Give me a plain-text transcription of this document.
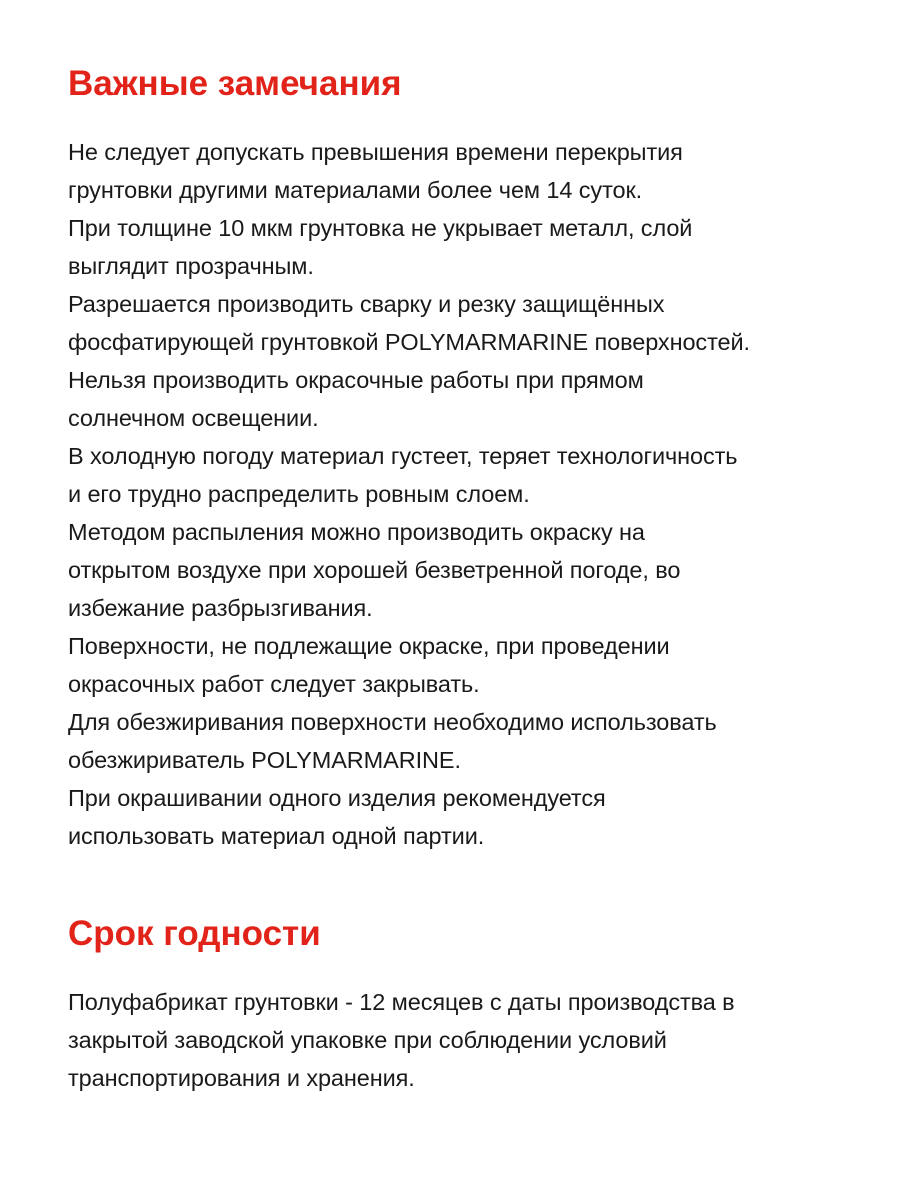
Важные замечания
Не следует допускать превышения времени перекрытия
грунтовки другими материалами более чем 14 суток.
При толщине 10 мкм грунтовка не укрывает металл, слой
выглядит прозрачным.
Разрешается производить сварку и резку защищённых
фосфатирующей грунтовкой POLYMARMARINE поверхностей.
Нельзя производить окрасочные работы при прямом
солнечном освещении.
В холодную погоду материал густеет, теряет технологичность
и его трудно распределить ровным слоем.
Методом распыления можно производить окраску на
открытом воздухе при хорошей безветренной погоде, во
избежание разбрызгивания.
Поверхности, не подлежащие окраске, при проведении
окрасочных работ следует закрывать.
Для обезжиривания поверхности необходимо использовать
обезжириватель POLYMARMARINE.
При окрашивании одного изделия рекомендуется
использовать материал одной партии.
Срок годности
Полуфабрикат грунтовки - 12 месяцев с даты производства в
закрытой заводской упаковке при соблюдении условий
транспортирования и хранения.
